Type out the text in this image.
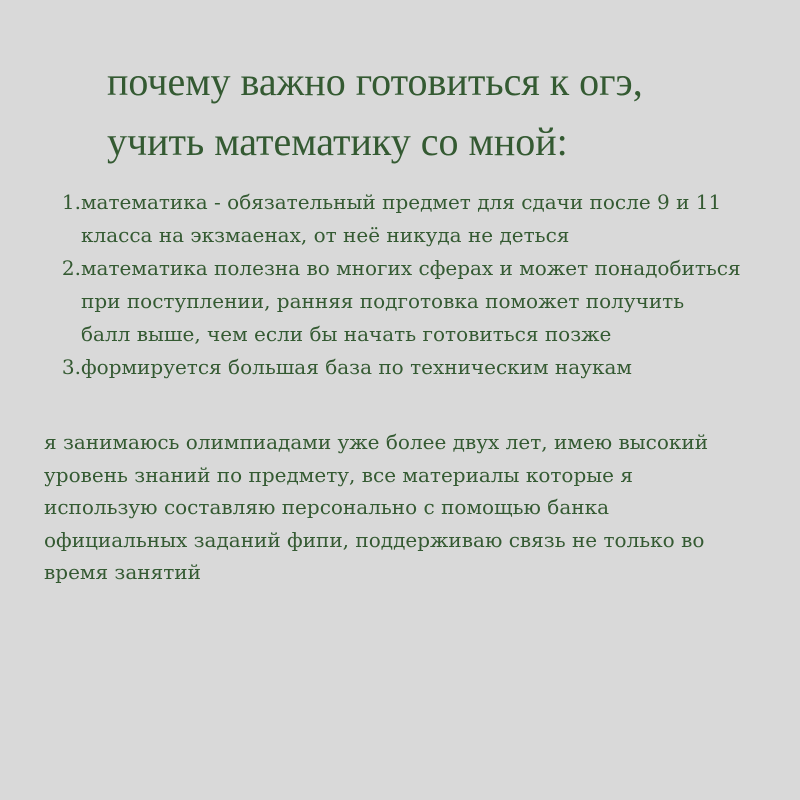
почему важно готовиться к огэ,
учить математику со мной:
1. математика - обязательный предмет для сдачи после 9 и 11
класса на экзмаенах, от неё никуда не деться
2. математика полезна во многих сферах и может понадобиться
при поступлении, ранняя подготовка поможет получить
балл выше, чем если бы начать готовиться позже
3. формируется большая база по техническим наукам

я занимаюсь олимпиадами уже более двух лет, имею высокий
уровень знаний по предмету, все материалы которые я
использую составляю персонально с помощью банка
официальных заданий фипи, поддерживаю связь не только во
время занятий
